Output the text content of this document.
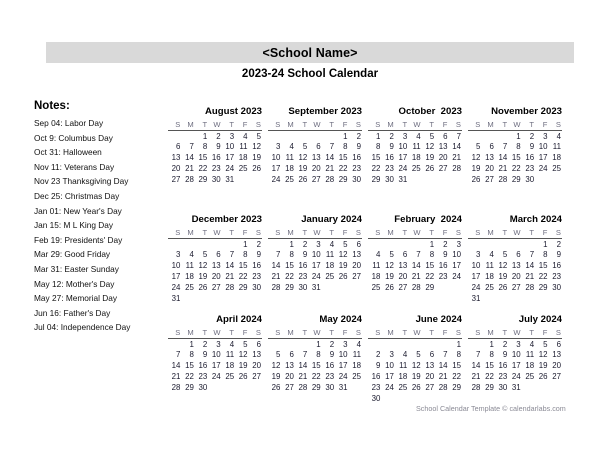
<School Name>
2023-24 School Calendar
Notes:
Sep 04: Labor Day
Oct 9: Columbus Day
Oct 31: Halloween
Nov 11: Veterans Day
Nov 23 Thanksgiving Day
Dec 25: Christmas Day
Jan 01: New Year's Day
Jan 15: M L King Day
Feb 19: Presidents' Day
Mar 29: Good Friday
Mar 31: Easter Sunday
May 12: Mother's Day
May 27: Memorial Day
Jun 16: Father's Day
Jul 04: Independence Day
August 2023
S	M	T	W	T	F	S
		1	2	3	4	5
6	7	8	9	10	11	12
13	14	15	16	17	18	19
20	21	22	23	24	25	26
27	28	29	30	31		
September 2023
S	M	T	W	T	F	S
					1	2
3	4	5	6	7	8	9
10	11	12	13	14	15	16
17	18	19	20	21	22	23
24	25	26	27	28	29	30
October  2023
S	M	T	W	T	F	S
1	2	3	4	5	6	7
8	9	10	11	12	13	14
15	16	17	18	19	20	21
22	23	24	25	26	27	28
29	30	31				
November 2023
S	M	T	W	T	F	S
			1	2	3	4
5	6	7	8	9	10	11
12	13	14	15	16	17	18
19	20	21	22	23	24	25
26	27	28	29	30		
December 2023
S	M	T	W	T	F	S
					1	2
3	4	5	6	7	8	9
10	11	12	13	14	15	16
17	18	19	20	21	22	23
24	25	26	27	28	29	30
31						
January 2024
S	M	T	W	T	F	S
	1	2	3	4	5	6
7	8	9	10	11	12	13
14	15	16	17	18	19	20
21	22	23	24	25	26	27
28	29	30	31			
February  2024
S	M	T	W	T	F	S
				1	2	3
4	5	6	7	8	9	10
11	12	13	14	15	16	17
18	19	20	21	22	23	24
25	26	27	28	29		
March 2024
S	M	T	W	T	F	S
					1	2
3	4	5	6	7	8	9
10	11	12	13	14	15	16
17	18	19	20	21	22	23
24	25	26	27	28	29	30
31						
April 2024
S	M	T	W	T	F	S
	1	2	3	4	5	6
7	8	9	10	11	12	13
14	15	16	17	18	19	20
21	22	23	24	25	26	27
28	29	30				
May 2024
S	M	T	W	T	F	S
			1	2	3	4
5	6	7	8	9	10	11
12	13	14	15	16	17	18
19	20	21	22	23	24	25
26	27	28	29	30	31	
June 2024
S	M	T	W	T	F	S
						1
2	3	4	5	6	7	8
9	10	11	12	13	14	15
16	17	18	19	20	21	22
23	24	25	26	27	28	29
30						
July 2024
S	M	T	W	T	F	S
	1	2	3	4	5	6
7	8	9	10	11	12	13
14	15	16	17	18	19	20
21	22	23	24	25	26	27
28	29	30	31			
School Calendar Template © calendarlabs.com
